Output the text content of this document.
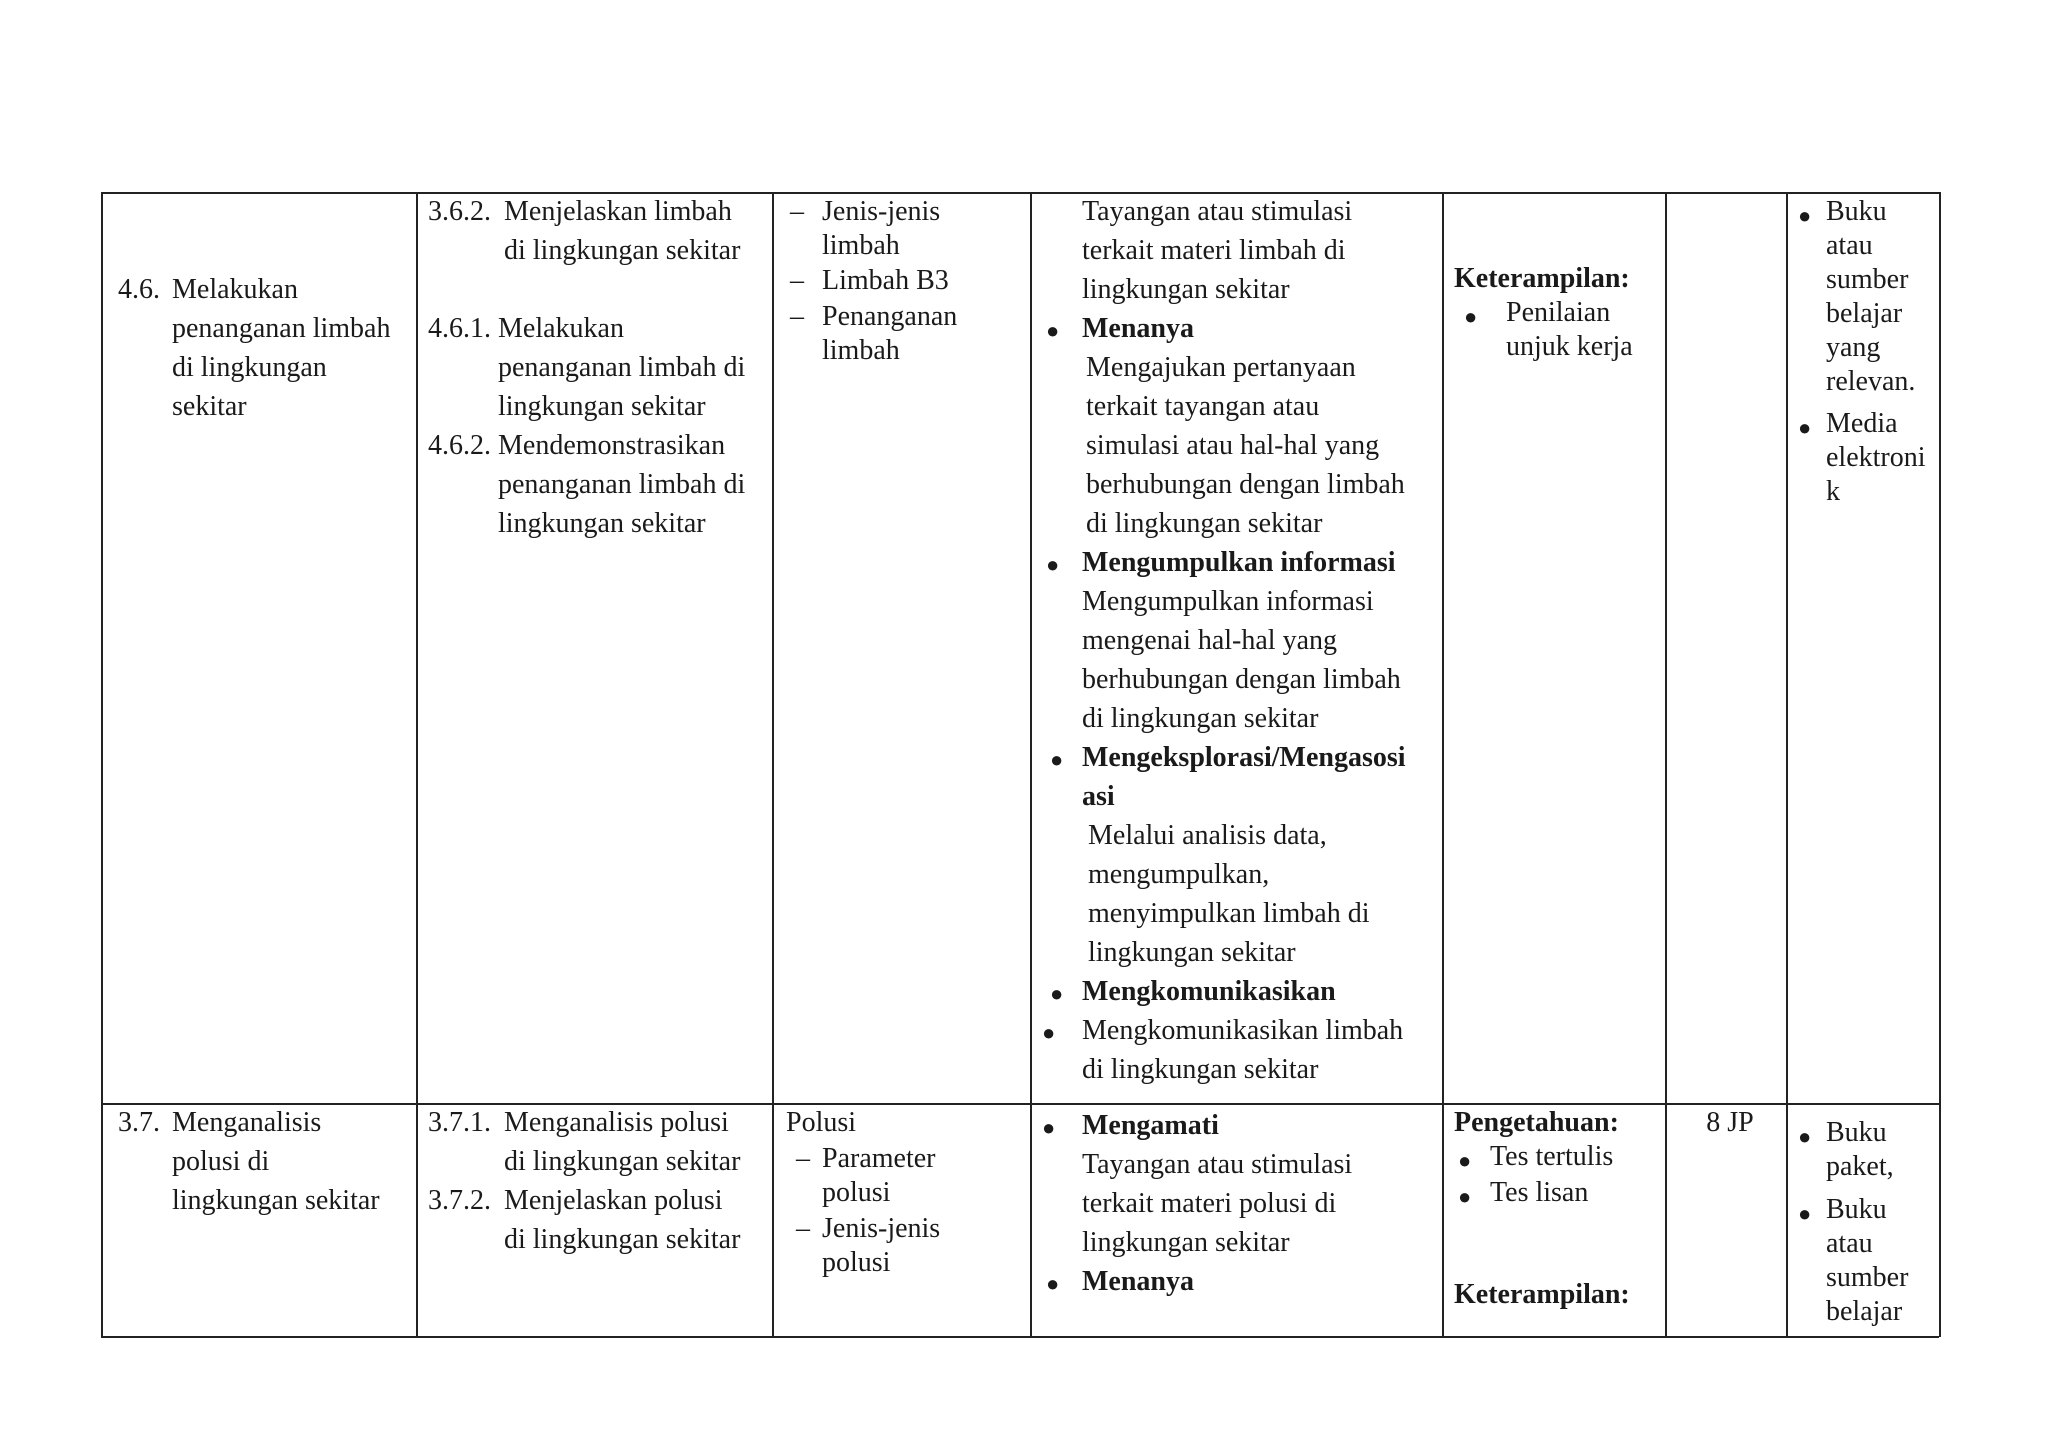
4.6. Melakukan
penanganan limbah
di lingkungan
sekitar
3.6.2. Menjelaskan limbah
di lingkungan sekitar
4.6.1. Melakukan
penanganan limbah di
lingkungan sekitar
4.6.2. Mendemonstrasikan
penanganan limbah di
lingkungan sekitar
– Jenis-jenis
limbah
– Limbah B3
– Penanganan
limbah
Tayangan atau stimulasi
terkait materi limbah di
lingkungan sekitar
● Menanya
Mengajukan pertanyaan
terkait tayangan atau
simulasi atau hal-hal yang
berhubungan dengan limbah
di lingkungan sekitar
● Mengumpulkan informasi
Mengumpulkan informasi
mengenai hal-hal yang
berhubungan dengan limbah
di lingkungan sekitar
● Mengeksplorasi/Mengasosi
asi
Melalui analisis data,
mengumpulkan,
menyimpulkan limbah di
lingkungan sekitar
● Mengkomunikasikan
● Mengkomunikasikan limbah
di lingkungan sekitar
Keterampilan:
● Penilaian
unjuk kerja
● Buku
atau
sumber
belajar
yang
relevan.
● Media
elektroni
k
3.7. Menganalisis
polusi di
lingkungan sekitar
3.7.1. Menganalisis polusi
di lingkungan sekitar
3.7.2. Menjelaskan polusi
di lingkungan sekitar
Polusi
– Parameter
polusi
– Jenis-jenis
polusi
● Mengamati
Tayangan atau stimulasi
terkait materi polusi di
lingkungan sekitar
● Menanya
Pengetahuan:
● Tes tertulis
● Tes lisan
Keterampilan:
8 JP	● Buku
paket,
● Buku
atau
sumber
belajar
